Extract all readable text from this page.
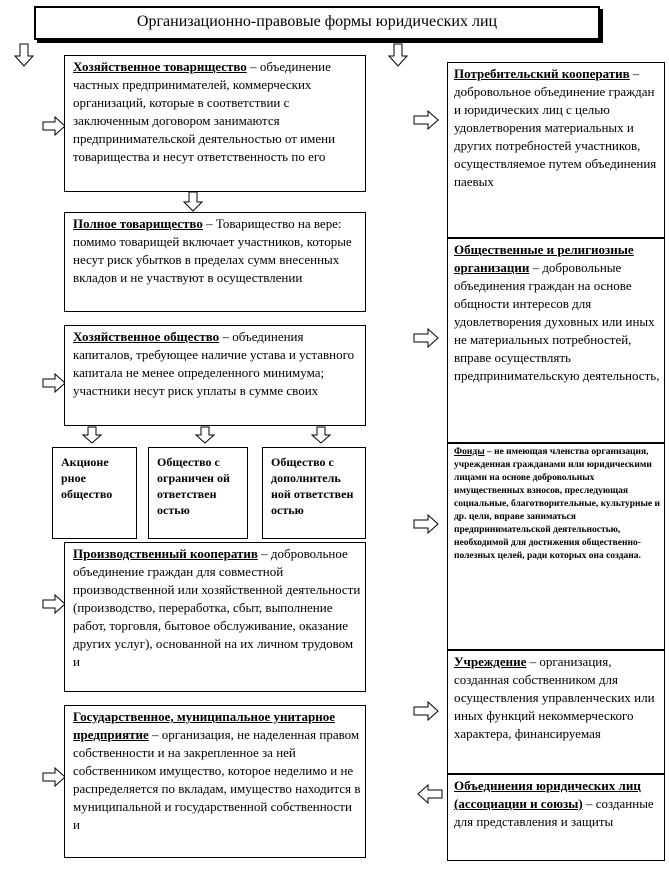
Организационно-правовые формы юридических лиц
Хозяйственное товарищество – объединение частных предпринимателей, коммерческих организаций, которые в соответствии с заключенным договором занимаются предпринимательской деятельностью от имени товарищества и несут ответственность по его
Полное товарищество – Товарищество на вере: помимо товарищей включает участников, которые несут риск убытков в пределах сумм внесенных вкладов и не участвуют в осуществлении
Хозяйственное общество – объединения капиталов, требующее наличие устава и уставного капитала не менее определенного минимума; участники несут риск уплаты в сумме своих
Акционе рное общество
Общество с ограничен ой ответствен остью
Общество с дополнитель ной ответствен остью
Производственный кооператив – добровольное объединение граждан для совместной производственной или хозяйственной деятельности (производство, переработка, сбыт, выполнение работ, торговля, бытовое обслуживание, оказание других услуг), основанной на их личном трудовом и
Государственное, муниципальное унитарное предприятие – организация, не наделенная правом собственности и на закрепленное за ней собственником имущество, которое неделимо и не распределяется по вкладам, имущество находится в муниципальной и государственной собственности и
Потребительский кооператив – добровольное объединение граждан и юридических лиц с целью удовлетворения материальных и других потребностей участников, осуществляемое путем объединения паевых
Общественные и религиозные организации – добровольные объединения граждан на основе общности интересов для удовлетворения духовных или иных не материальных потребностей, вправе осуществлять предпринимательскую деятельность,
Фонды – не имеющая членства организация, учрежденная гражданами или юридическими лицами на основе добровольных имущественных взносов, преследующая социальные, благотворительные, культурные и др. цели, вправе заниматься предпринимательской деятельностью, необходимой для достижения общественно-полезных целей, ради которых она создана.
Учреждение – организация, созданная собственником для осуществления управленческих или иных функций некоммерческого характера, финансируемая
Объединения юридических лиц (ассоциации и союзы) – созданные для представления и защиты
